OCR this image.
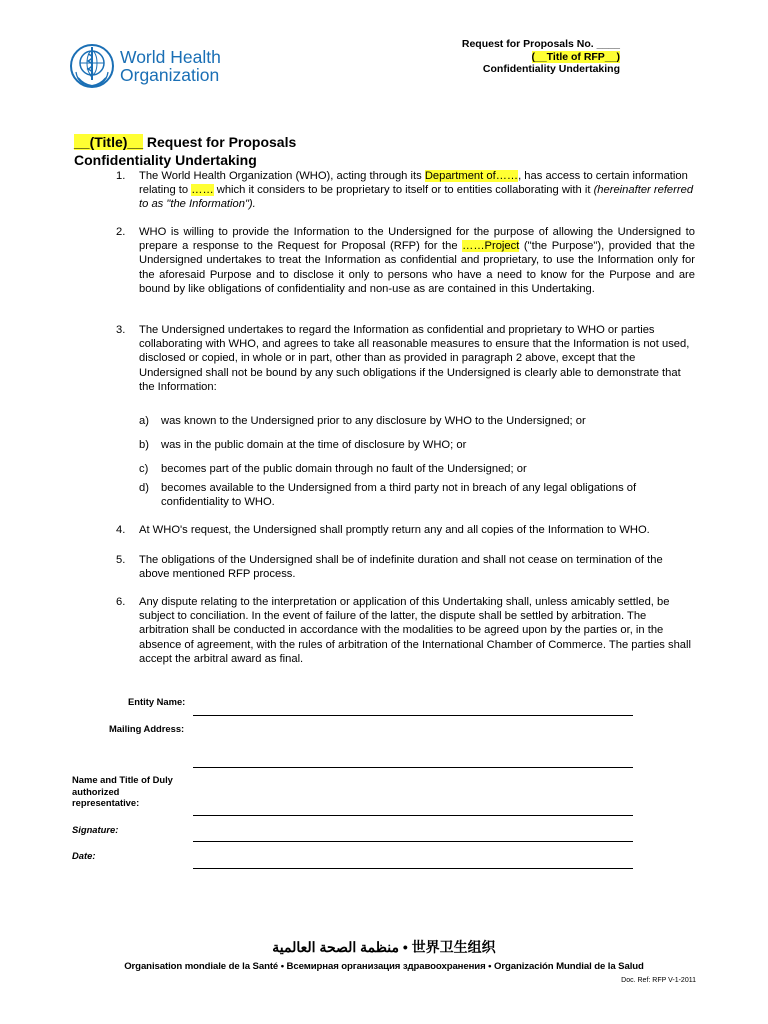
World Health
Organization
Request for Proposals No. ____
(__Title of RFP__)
Confidentiality Undertaking
__(Title)__ Request for Proposals
Confidentiality Undertaking
1. The World Health Organization (WHO), acting through its Department of……, has access to certain information relating to …… which it considers to be proprietary to itself or to entities collaborating with it (hereinafter referred to as "the Information").
2. WHO is willing to provide the Information to the Undersigned for the purpose of allowing the Undersigned to prepare a response to the Request for Proposal (RFP) for the ……Project ("the Purpose"), provided that the Undersigned undertakes to treat the Information as confidential and proprietary, to use the Information only for the aforesaid Purpose and to disclose it only to persons who have a need to know for the Purpose and are bound by like obligations of confidentiality and non-use as are contained in this Undertaking.
3. The Undersigned undertakes to regard the Information as confidential and proprietary to WHO or parties collaborating with WHO, and agrees to take all reasonable measures to ensure that the Information is not used, disclosed or copied, in whole or in part, other than as provided in paragraph 2 above, except that the Undersigned shall not be bound by any such obligations if the Undersigned is clearly able to demonstrate that the Information:
a) was known to the Undersigned prior to any disclosure by WHO to the Undersigned; or
b) was in the public domain at the time of disclosure by WHO; or
c) becomes part of the public domain through no fault of the Undersigned; or
d) becomes available to the Undersigned from a third party not in breach of any legal obligations of confidentiality to WHO.
4. At WHO's request, the Undersigned shall promptly return any and all copies of the Information to WHO.
5. The obligations of the Undersigned shall be of indefinite duration and shall not cease on termination of the above mentioned RFP process.
6. Any dispute relating to the interpretation or application of this Undertaking shall, unless amicably settled, be subject to conciliation. In the event of failure of the latter, the dispute shall be settled by arbitration. The arbitration shall be conducted in accordance with the modalities to be agreed upon by the parties or, in the absence of agreement, with the rules of arbitration of the International Chamber of Commerce. The parties shall accept the arbitral award as final.
Entity Name:
Mailing Address:
Name and Title of Duly authorized representative:
Signature:
Date:
منظمة الصحة العالمية • 世界卫生组织
Organisation mondiale de la Santé • Всемирная организация здравоохранения • Organización Mundial de la Salud
Doc. Ref: RFP V-1-2011
